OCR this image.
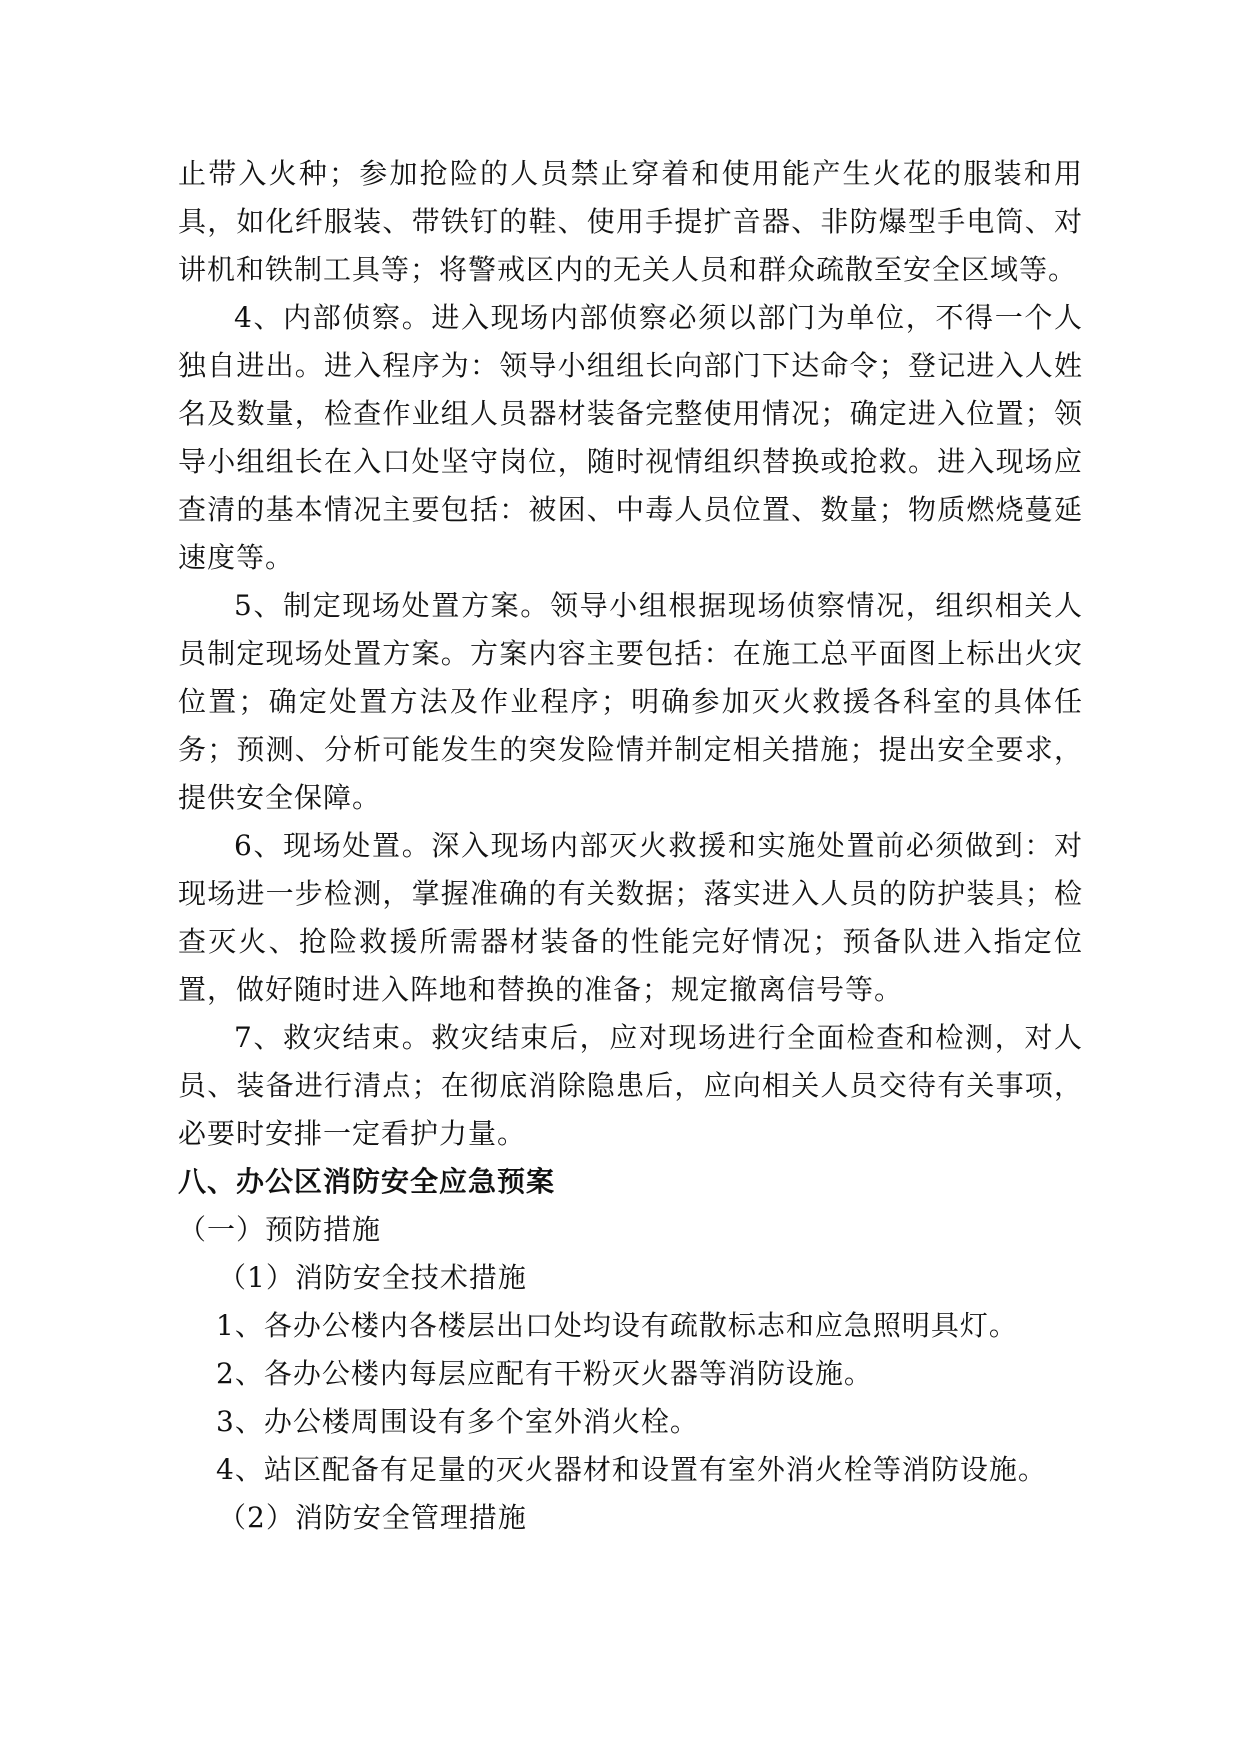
止带入火种；参加抢险的人员禁止穿着和使用能产生火花的服装和用具，如化纤服装、带铁钉的鞋、使用手提扩音器、非防爆型手电筒、对讲机和铁制工具等；将警戒区内的无关人员和群众疏散至安全区域等。

4、内部侦察。进入现场内部侦察必须以部门为单位，不得一个人独自进出。进入程序为：领导小组组长向部门下达命令；登记进入人姓名及数量，检查作业组人员器材装备完整使用情况；确定进入位置；领导小组组长在入口处坚守岗位，随时视情组织替换或抢救。进入现场应查清的基本情况主要包括：被困、中毒人员位置、数量；物质燃烧蔓延速度等。

5、制定现场处置方案。领导小组根据现场侦察情况，组织相关人员制定现场处置方案。方案内容主要包括：在施工总平面图上标出火灾位置；确定处置方法及作业程序；明确参加灭火救援各科室的具体任务；预测、分析可能发生的突发险情并制定相关措施；提出安全要求，提供安全保障。

6、现场处置。深入现场内部灭火救援和实施处置前必须做到：对现场进一步检测，掌握准确的有关数据；落实进入人员的防护装具；检查灭火、抢险救援所需器材装备的性能完好情况；预备队进入指定位置，做好随时进入阵地和替换的准备；规定撤离信号等。

7、救灾结束。救灾结束后，应对现场进行全面检查和检测，对人员、装备进行清点；在彻底消除隐患后，应向相关人员交待有关事项，必要时安排一定看护力量。

八、办公区消防安全应急预案

（一）预防措施

（1）消防安全技术措施

1、各办公楼内各楼层出口处均设有疏散标志和应急照明具灯。

2、各办公楼内每层应配有干粉灭火器等消防设施。

3、办公楼周围设有多个室外消火栓。

4、站区配备有足量的灭火器材和设置有室外消火栓等消防设施。

（2）消防安全管理措施
